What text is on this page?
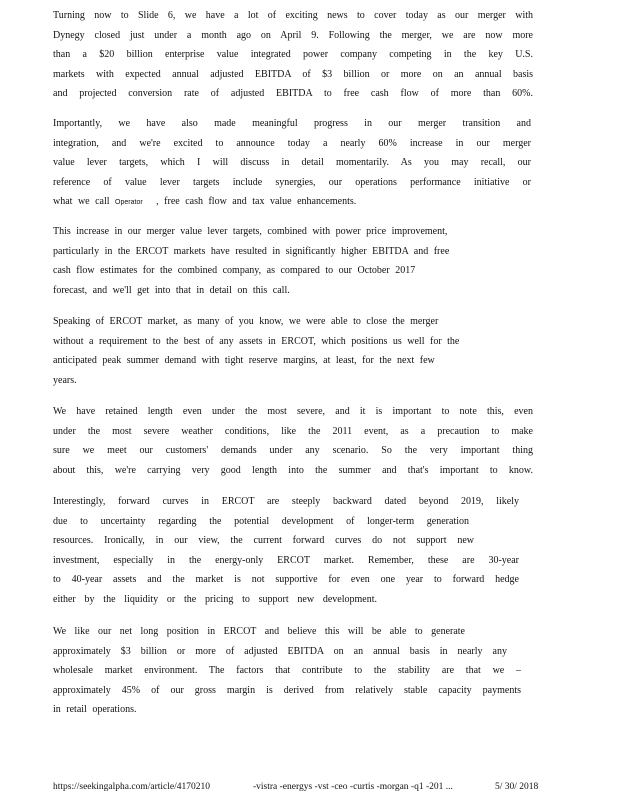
Turning now to Slide 6, we have a lot of exciting news to cover today as our merger with
Dynegy closed just under a month ago on April 9. Following the merger, we are now more
than a $20 billion enterprise value integrated power company competing in the key U.S.
markets with expected annual adjusted EBITDA of $3 billion or more on an annual basis
and projected conversion rate of adjusted EBITDA to free cash flow of more than 60%.
Importantly, we have also made meaningful progress in our merger transition and
integration, and we're excited to announce today a nearly 60% increase in our merger
value lever targets, which I will discuss in detail momentarily. As you may recall, our
reference of value lever targets include synergies, our operations performance initiative or
what we call Operator , free cash flow and tax value enhancements.
This increase in our merger value lever targets, combined with power price improvement,
particularly in the ERCOT markets have resulted in significantly higher EBITDA and free
cash flow estimates for the combined company, as compared to our October 2017
forecast, and we'll get into that in detail on this call.
Speaking of ERCOT market, as many of you know, we were able to close the merger
without a requirement to the best of any assets in ERCOT, which positions us well for the
anticipated peak summer demand with tight reserve margins, at least, for the next few
years.
We have retained length even under the most severe, and it is important to note this, even
under the most severe weather conditions, like the 2011 event, as a precaution to make
sure we meet our customers' demands under any scenario. So the very important thing
about this, we're carrying very good length into the summer and that's important to know.
Interestingly, forward curves in ERCOT are steeply backward dated beyond 2019, likely
due to uncertainty regarding the potential development of longer-term generation
resources. Ironically, in our view, the current forward curves do not support new
investment, especially in the energy-only ERCOT market. Remember, these are 30-year
to 40-year assets and the market is not supportive for even one year to forward hedge
either by the liquidity or the pricing to support new development.
We like our net long position in ERCOT and believe this will be able to generate
approximately $3 billion or more of adjusted EBITDA on an annual basis in nearly any
wholesale market environment. The factors that contribute to the stability are that we –
approximately 45% of our gross margin is derived from relatively stable capacity payments
in retail operations.
https://seekingalpha.com/article/4170210	-vistra -energys -vst -ceo -curtis -morgan -q1 -201 ...	5/ 30/ 2018
